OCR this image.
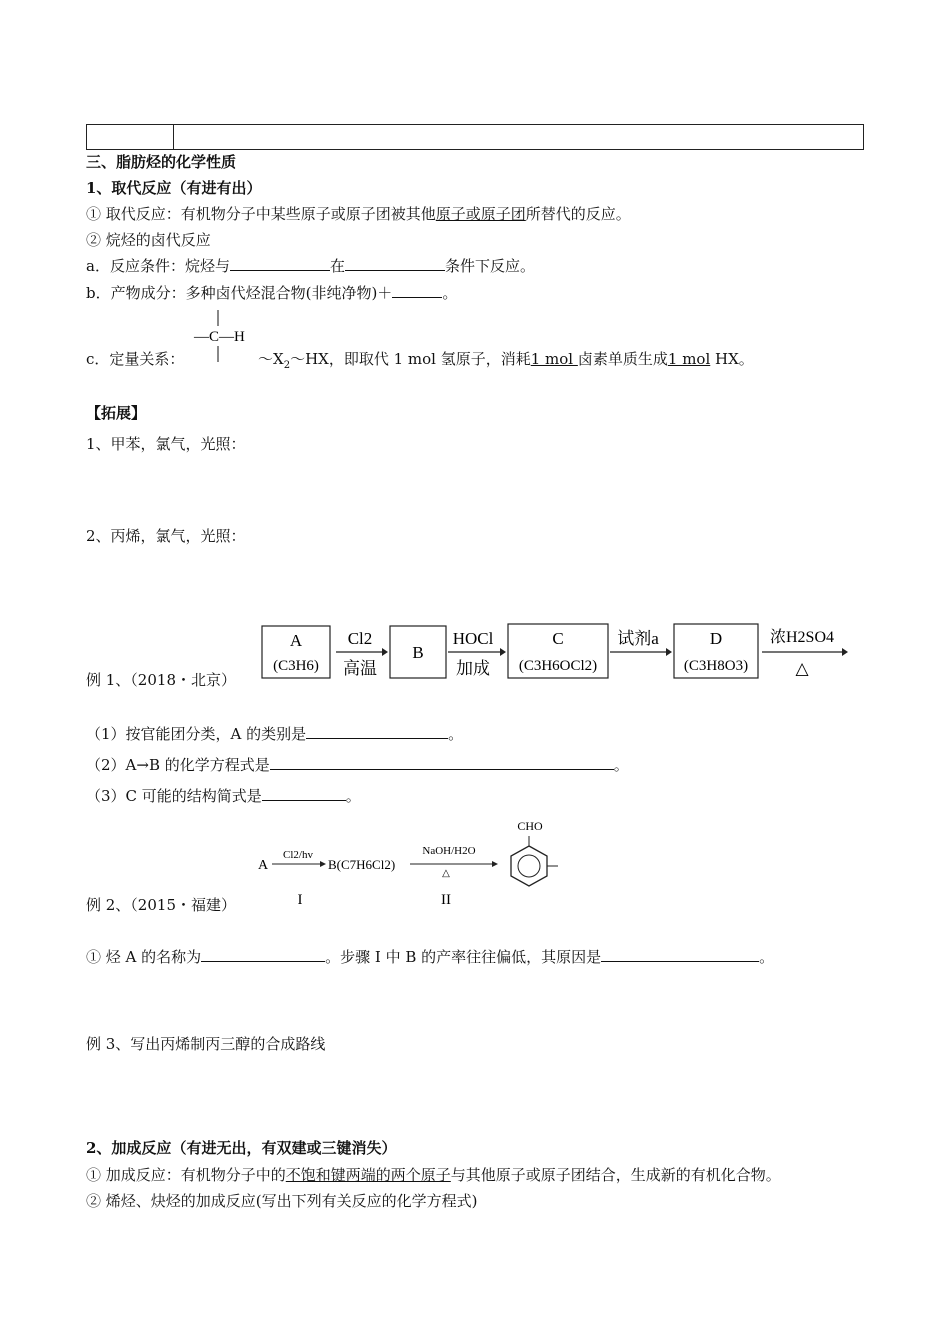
三、脂肪烃的化学性质
1、取代反应（有进有出）
① 取代反应：有机物分子中某些原子或原子团被其他原子或原子团所替代的反应。
② 烷烃的卤代反应
a．反应条件：烷烃与	在	条件下反应。
b．产物成分：多种卤代烃混合物(非纯净物)＋	。
c．定量关系：
—C—H
$\sim X_2\sim HX$，即取代 1 mol 氢原子，消耗1 mol 卤素单质生成1 mol HX。
【拓展】
1、甲苯，氯气，光照：
2、丙烯，氯气，光照：
例 1、（2018・北京）
A
(C3H6)
Cl2
高温
B
HOCl
加成
C
(C3H6OCl2)
试剂a	D
(C3H8O3)
浓H2SO4
△
（1）按官能团分类，A 的类别是	。
（2）A→B 的化学方程式是	。
（3）C 可能的结构简式是	。
例 2、（2015・福建）
A
Cl2/hv
I
B(C7H6Cl2)
NaOH/H2O
△
II
CHO
① 烃 A 的名称为	。步骤 I 中 B 的产率往往偏低，其原因是	。
例 3、写出丙烯制丙三醇的合成路线
2、加成反应（有进无出，有双建或三键消失）
① 加成反应：有机物分子中的不饱和键两端的两个原子与其他原子或原子团结合，生成新的有机化合物。
② 烯烃、炔烃的加成反应(写出下列有关反应的化学方程式)
